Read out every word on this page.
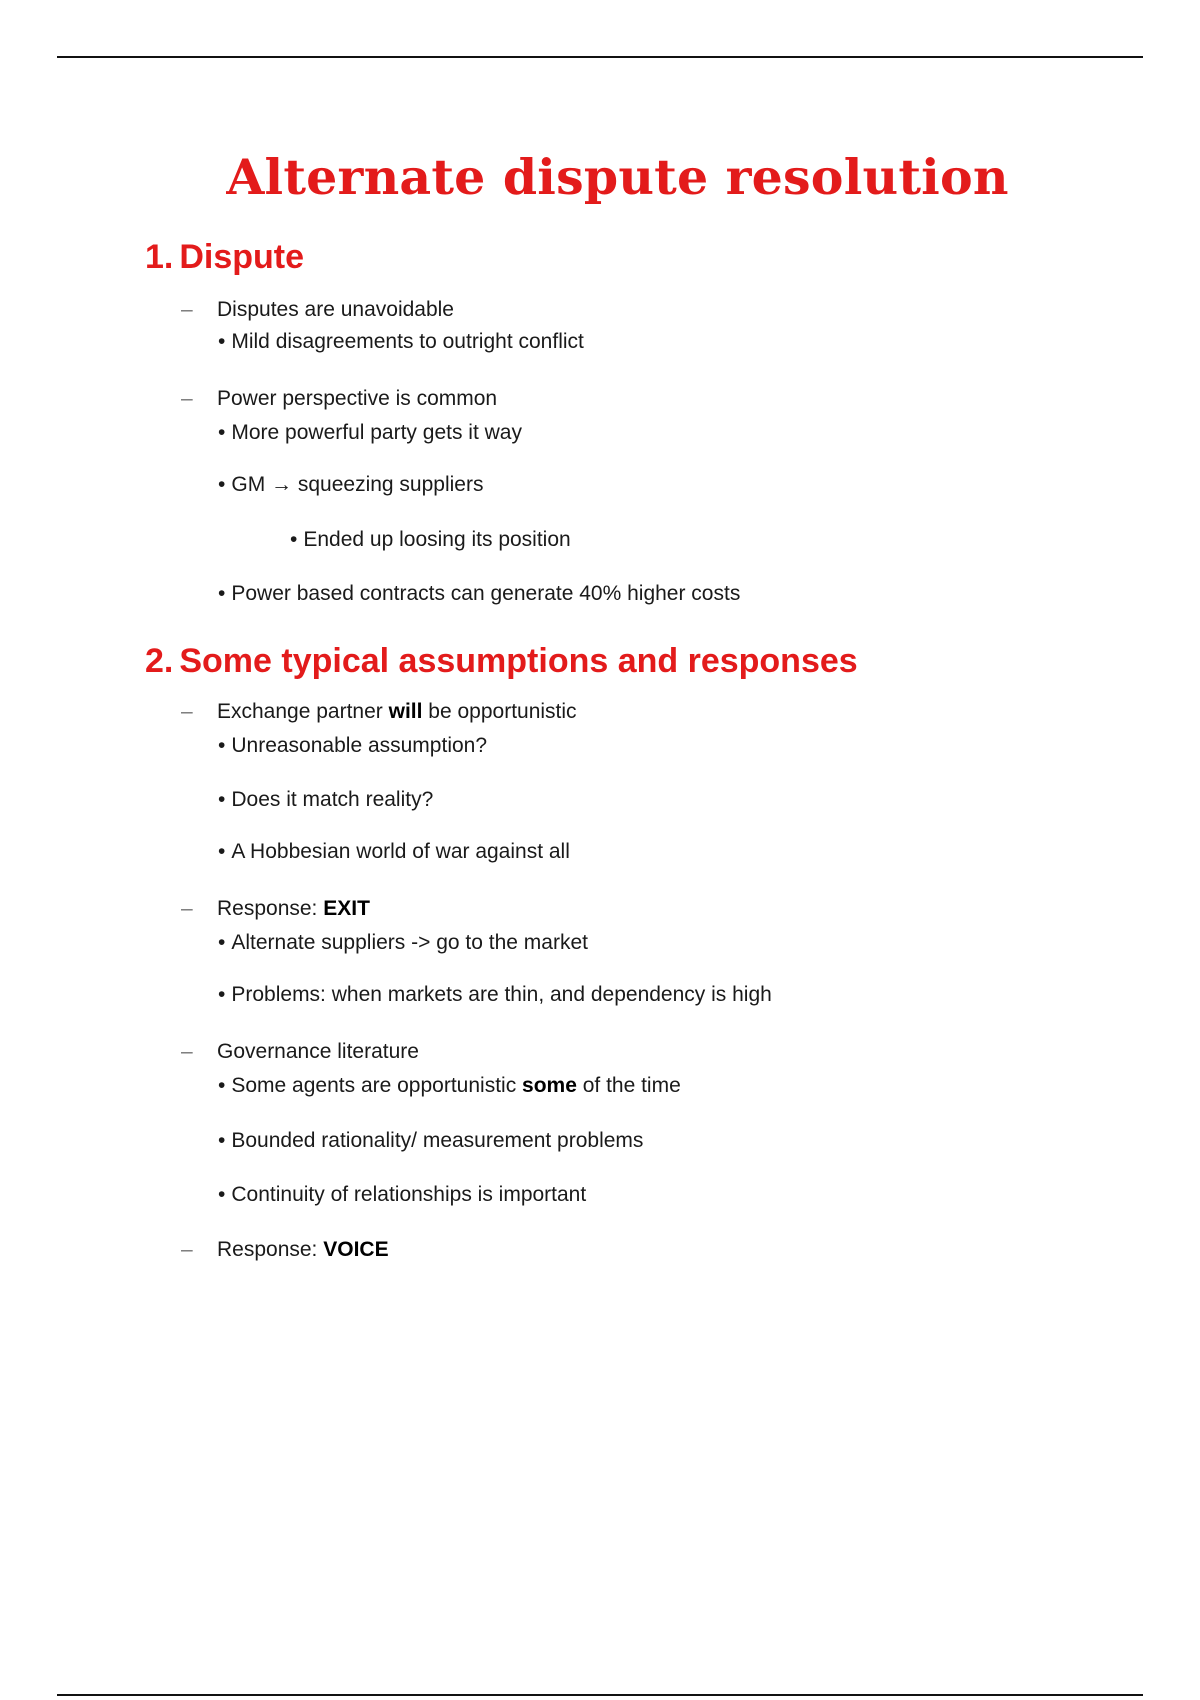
Alternate dispute resolution
1. Dispute
– Disputes are unavoidable
• Mild disagreements to outright conflict
– Power perspective is common
• More powerful party gets it way
• GM → squeezing suppliers
• Ended up loosing its position
• Power based contracts can generate 40% higher costs
2. Some typical assumptions and responses
– Exchange partner will be opportunistic
• Unreasonable assumption?
• Does it match reality?
• A Hobbesian world of war against all
– Response: EXIT
• Alternate suppliers -> go to the market
• Problems: when markets are thin, and dependency is high
– Governance literature
• Some agents are opportunistic some of the time
• Bounded rationality/ measurement problems
• Continuity of relationships is important
– Response: VOICE
